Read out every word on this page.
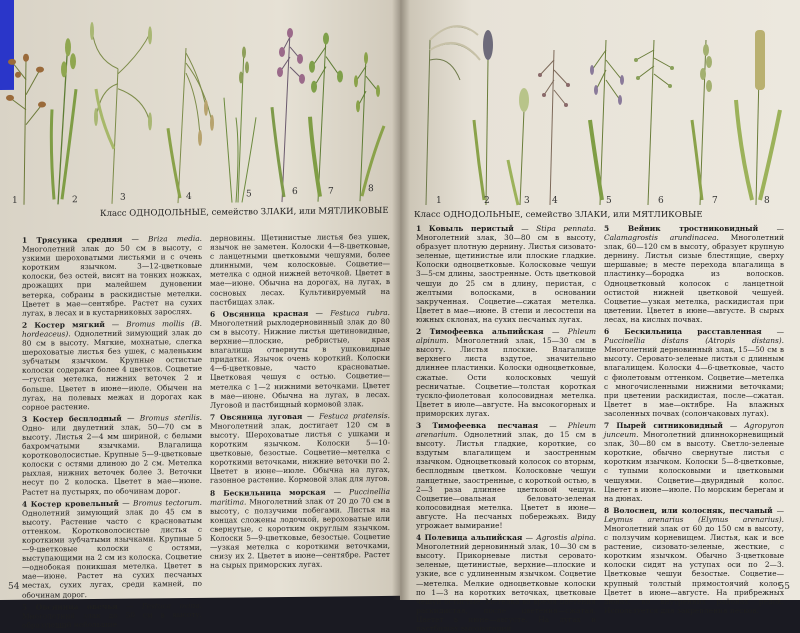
1	2	3	4	5	6	7	8
Класс ОДНОДОЛЬНЫЕ, семейство ЗЛАКИ, или МЯТЛИКОВЫЕ

1 Трясунка средняя — Briza media. Многолетний злак до 50 см в высоту, с узкими шероховатыми листьями и с очень коротким язычком. 3—12-цветковые колоски, без остей, висят на тонких ножках, дрожащих при малейшем дуновении ветерка, собраны в раскидистые метелки. Цветет в мае—сентябре. Растет на сухих лугах, в лесах и в кустарниковых зарослях.

2 Костер мягкий — Bromus mollis (B. hordeaceus). Однолетний зимующий злак до 80 см в высоту. Мягкие, мохнатые, слегка шероховатые листья без ушек, с маленьким зубчатым язычком. Крупные остистые колоски содержат более 4 цветков. Соцветие—густая метелка, нижних веточек 2 и больше. Цветет в июне—июле. Обычен на лугах, на полевых межах и дорогах как сорное растение.

3 Костер бесплодный — Bromus sterilis. Одно- или двулетний злак, 50—70 см в высоту. Листья 2—4 мм шириной, с белыми бахромчатыми язычками. Влагалища коротковолосистые. Крупные 5—9-цветковые колоски с остями длиною до 2 см. Метелка рыхлая, нижних веточек более 3. Веточки несут по 2 колоска. Цветет в мае—июне. Растет на пустырях, по обочинам дорог.

4 Костер кровельный — Bromus tectorum. Однолетний зимующий злак до 45 см в высоту. Растение часто с красноватым оттенком. Коротковолосистые листья с короткими зубчатыми язычками. Крупные 5—9-цветковые колоски с остями, выступающими на 2 см из колоска. Соцветие—однобокая поникшая метелка. Цветет в мае—июне. Растет на сухих песчаных местах, сухих лугах, среди камней, по обочинам дорог.

5 Овсяница овечья — Festuca ovina. Многолетний злак до 50 см в высоту, образующий небольшие

дерновины. Щетинистые листья без ушек, язычок не заметен. Колоски 4—8-цветковые, с ланцетными цветковыми чешуями, более длинными, чем колосковые. Соцветие—метелка с одной нижней веточкой. Цветет в мае—июне. Обычна на дорогах, на лугах, в сосновых лесах. Культивируемый на пастбищах злак.

6 Овсяница красная — Festuca rubra. Многолетний рыхлодерновинный злак до 80 см в высоту. Нижние листья щетиновидные, верхние—плоские, ребристые, края влагалища отвернуты в ушковидные придатки. Язычок очень короткий. Колоски 4—6-цветковые, часто красноватые. Цветковая чешуя с остью. Соцветие—метелка с 1—2 нижними веточками. Цветет в мае—июне. Обычна на лугах, в лесах. Луговой и пастбищный кормовой злак.

7 Овсяница луговая — Festuca pratensis. Многолетний злак, достигает 120 см в высоту. Шероховатые листья с ушками и коротким язычком. Колоски 5—10-цветковые, безостые. Соцветие—метелка с короткими веточками, нижние веточки по 2. Цветет в июне—июле. Обычна на лугах, газонное растение. Кормовой злак для лугов.

8 Бескильница морская — Puccinellia maritima. Многолетний злак от 20 до 70 см в высоту, с ползучими побегами. Листья на концах сложены лодочкой, вероховатые или свернутые, с коротким округлым язычком. Колоски 5—9-цветковые, безостые. Соцветие—узкая метелка с короткими веточками, снизу их 2. Цветет в июне—сентябре. Растет на сырых приморских лугах.

54
1	2	3 4	5	6	7	8
Класс ОДНОДОЛЬНЫЕ, семейство ЗЛАКИ, или МЯТЛИКОВЫЕ

1 Ковыль перистый — Stipa pennata. Многолетний злак, 30—80 см в высоту, образует плотную дернину. Листья сизовато-зеленые, щетинистые или плоские гладкие. Колоски одноцветковые. Колосковые чешуи 3—5-см длины, заостренные. Ость цветковой чешуи до 25 см в длину, перистая, с желтыми волосками, в основании закрученная. Соцветие—сжатая метелка. Цветет в мае—июне. В степи и лесостепи на южных склонах, на сухих песчаных лугах.

2 Тимофеевка альпийская — Phleum alpinum. Многолетний злак, 15—30 см в высоту. Листья плоские. Влагалище верхнего листа вздутое, значительно длиннее пластинки. Колоски одноцветковые, сжатые. Ости колосковых чешуй ресничатые. Соцветие—толстая короткая тускло-фиолетовая колосовидная метелка. Цветет в июле—августе. На высокогорных и приморских лугах.

3 Тимофеевка песчаная — Phleum arenarium. Однолетний злак, до 15 см в высоту. Листья гладкие, короткие, со вздутым влагалищем и заостренным язычком. Одноцветковый колосок со вторым, бесплодным цветком. Колосковые чешуи ланцетные, заостренные, с короткой остью, в 2—3 раза длиннее цветковой чешуи. Соцветие—овальная беловато-зеленая колосовидная метелка. Цветет в июне—августе. На песчаных побережьях. Виду угрожает вымирание!

4 Полевица альпийская — Agrostis alpina. Многолетний дерновинный злак, 10—30 см в высоту. Прикорневые листья серовато-зеленые, щетинистые, верхние—плоские и узкие, все с удлиненным язычком. Соцветие—метелка. Мелкие одноцветковые колоски по 1—3 на коротких веточках, цветковые чешуи остистые. Метелка во время цветения раскидистая, после цветения—сжатая. Цветет в июне—августе. На лугах и пастбищах высокогорий.

5 Вейник тростниковидный — Calamagrostis arundinacea. Многолетний злак, 60—120 см в высоту, образует крупную дернину. Листья сизые блестящие, сверху шершавые; в месте перехода влагалища в пластинку—бородка из волосков. Одноцветковый колосок с ланцетной остистой нижней цветковой чешуей. Соцветие—узкая метелка, раскидистая при цветении. Цветет в июне—августе. В сырых лесах, на кислых почвах.

6 Бескильница расставленная — Puccinellia distans (Atropis distans). Многолетний дерновинный злак, 15—50 см в высоту. Серовато-зеленые листья с длинным влагалищем. Колоски 4—6-цветковые, часто с фиолетовым оттенком. Соцветие—метелка с многочисленными нижними веточками; при цветении раскидистая, после—сжатая. Цветет в мае—октябре. На влажных засоленных почвах (солончаковых лугах).

7 Пырей ситниковидный — Agropyron junceum. Многолетний длиннокорневищный злак, 30—80 см в высоту. Светло-зеленые короткие, обычно свернутые листья с коротким язычком. Колоски 5—8-цветковые, с тупыми колосковыми и цветковыми чешуями. Соцветие—двурядный колос. Цветет в июне—июле. По морским берегам и на дюнах.

8 Волоснец, или колосняк, песчаный — Leymus arenarius (Elymus arenarius). Многолетний злак от 60 до 150 см в высоту, с ползучим корневищем. Листья, как и все растение, сизовато-зеленые, жесткие, с коротким язычком. Обычно 3-цветковые колоски сидят на уступах оси по 2—3. Цветковые чешуи безостые. Соцветие—крупный толстый прямостоячий колос. Цветет в июне—августе. На прибрежных дюнах, во внутренних районах редок. Используется для закрепления песков.

55
